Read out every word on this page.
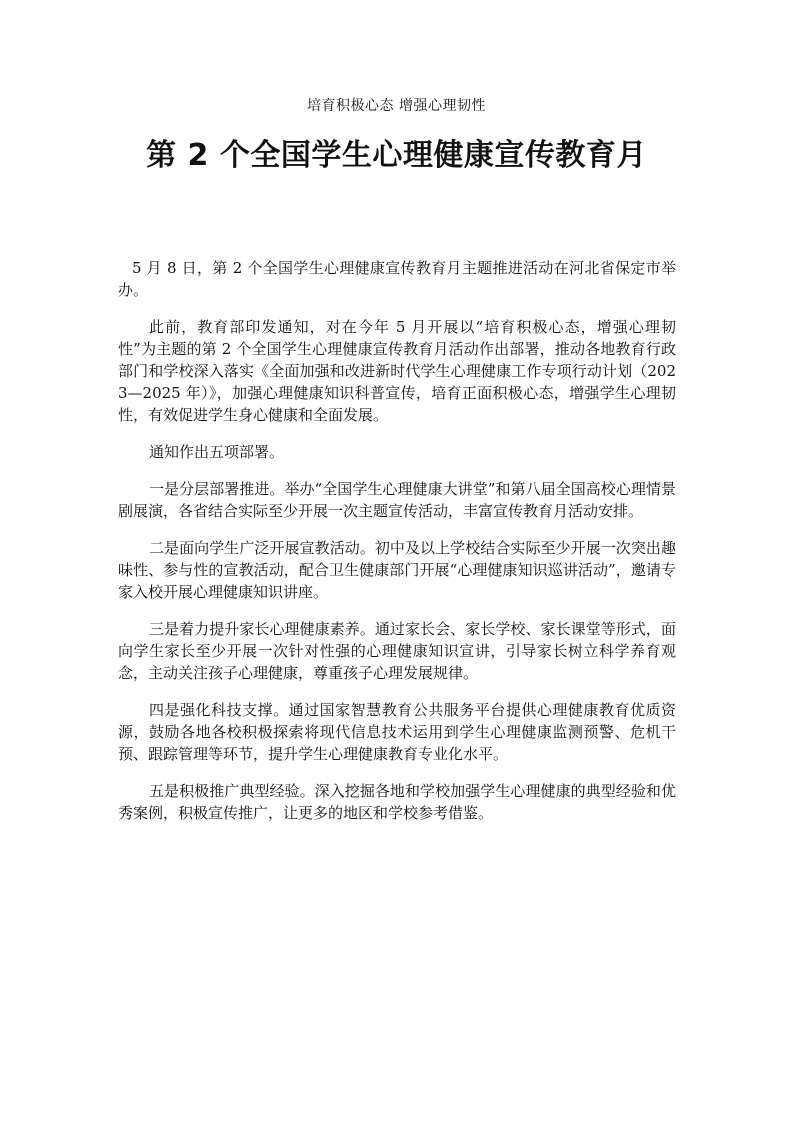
培育积极心态 增强心理韧性
第 2 个全国学生心理健康宣传教育月

5 月 8 日，第 2 个全国学生心理健康宣传教育月主题推进活动在河北省保定市举办。

此前，教育部印发通知，对在今年 5 月开展以“培育积极心态，增强心理韧性”为主题的第 2 个全国学生心理健康宣传教育月活动作出部署，推动各地教育行政部门和学校深入落实《全面加强和改进新时代学生心理健康工作专项行动计划（2023—2025 年）》，加强心理健康知识科普宣传，培育正面积极心态，增强学生心理韧性，有效促进学生身心健康和全面发展。

通知作出五项部署。

一是分层部署推进。举办“全国学生心理健康大讲堂”和第八届全国高校心理情景剧展演，各省结合实际至少开展一次主题宣传活动，丰富宣传教育月活动安排。

二是面向学生广泛开展宣教活动。初中及以上学校结合实际至少开展一次突出趣味性、参与性的宣教活动，配合卫生健康部门开展“心理健康知识巡讲活动”，邀请专家入校开展心理健康知识讲座。

三是着力提升家长心理健康素养。通过家长会、家长学校、家长课堂等形式，面向学生家长至少开展一次针对性强的心理健康知识宣讲，引导家长树立科学养育观念，主动关注孩子心理健康，尊重孩子心理发展规律。

四是强化科技支撑。通过国家智慧教育公共服务平台提供心理健康教育优质资源，鼓励各地各校积极探索将现代信息技术运用到学生心理健康监测预警、危机干预、跟踪管理等环节，提升学生心理健康教育专业化水平。

五是积极推广典型经验。深入挖掘各地和学校加强学生心理健康的典型经验和优秀案例，积极宣传推广，让更多的地区和学校参考借鉴。
